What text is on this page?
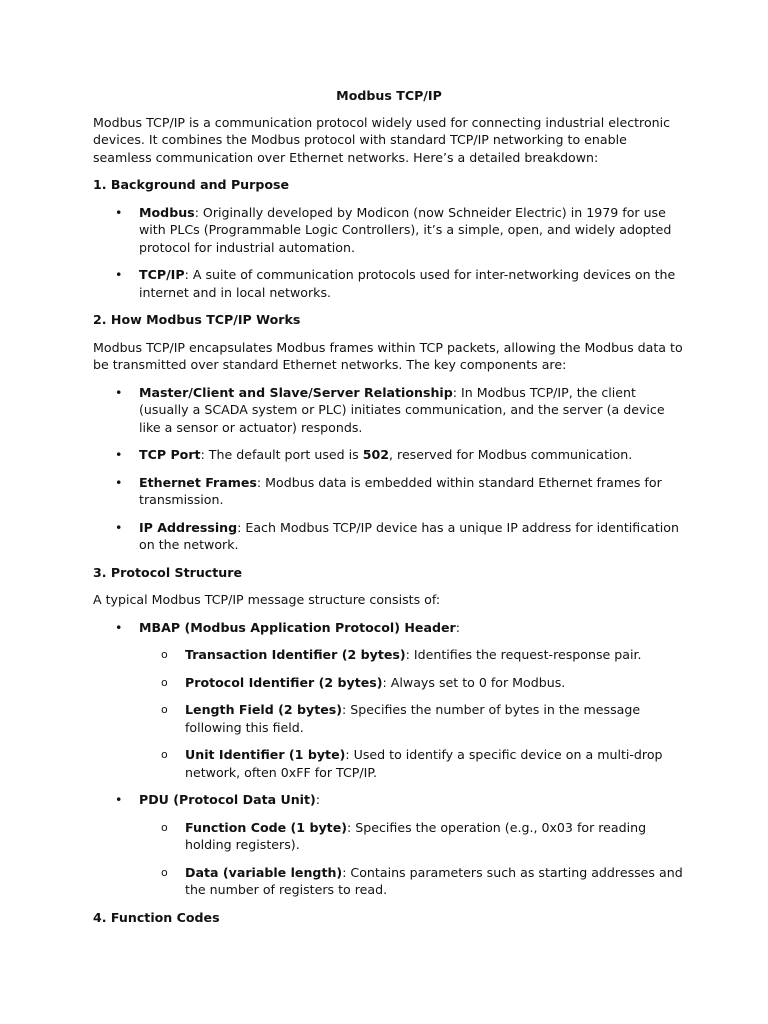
Modbus TCP/IP

Modbus TCP/IP is a communication protocol widely used for connecting industrial electronic devices. It combines the Modbus protocol with standard TCP/IP networking to enable seamless communication over Ethernet networks. Here’s a detailed breakdown:

1. Background and Purpose
• Modbus: Originally developed by Modicon (now Schneider Electric) in 1979 for use with PLCs (Programmable Logic Controllers), it’s a simple, open, and widely adopted protocol for industrial automation.
• TCP/IP: A suite of communication protocols used for inter-networking devices on the internet and in local networks.
2. How Modbus TCP/IP Works

Modbus TCP/IP encapsulates Modbus frames within TCP packets, allowing the Modbus data to be transmitted over standard Ethernet networks. The key components are:

• Master/Client and Slave/Server Relationship: In Modbus TCP/IP, the client (usually a SCADA system or PLC) initiates communication, and the server (a device like a sensor or actuator) responds.
• TCP Port: The default port used is 502, reserved for Modbus communication.
• Ethernet Frames: Modbus data is embedded within standard Ethernet frames for transmission.
• IP Addressing: Each Modbus TCP/IP device has a unique IP address for identification on the network.
3. Protocol Structure

A typical Modbus TCP/IP message structure consists of:

• MBAP (Modbus Application Protocol) Header:
o Transaction Identifier (2 bytes): Identifies the request-response pair.
o Protocol Identifier (2 bytes): Always set to 0 for Modbus.
o Length Field (2 bytes): Specifies the number of bytes in the message following this field.
o Unit Identifier (1 byte): Used to identify a specific device on a multi-drop network, often 0xFF for TCP/IP.
• PDU (Protocol Data Unit):
o Function Code (1 byte): Specifies the operation (e.g., 0x03 for reading holding registers).
o Data (variable length): Contains parameters such as starting addresses and the number of registers to read.
4. Function Codes
